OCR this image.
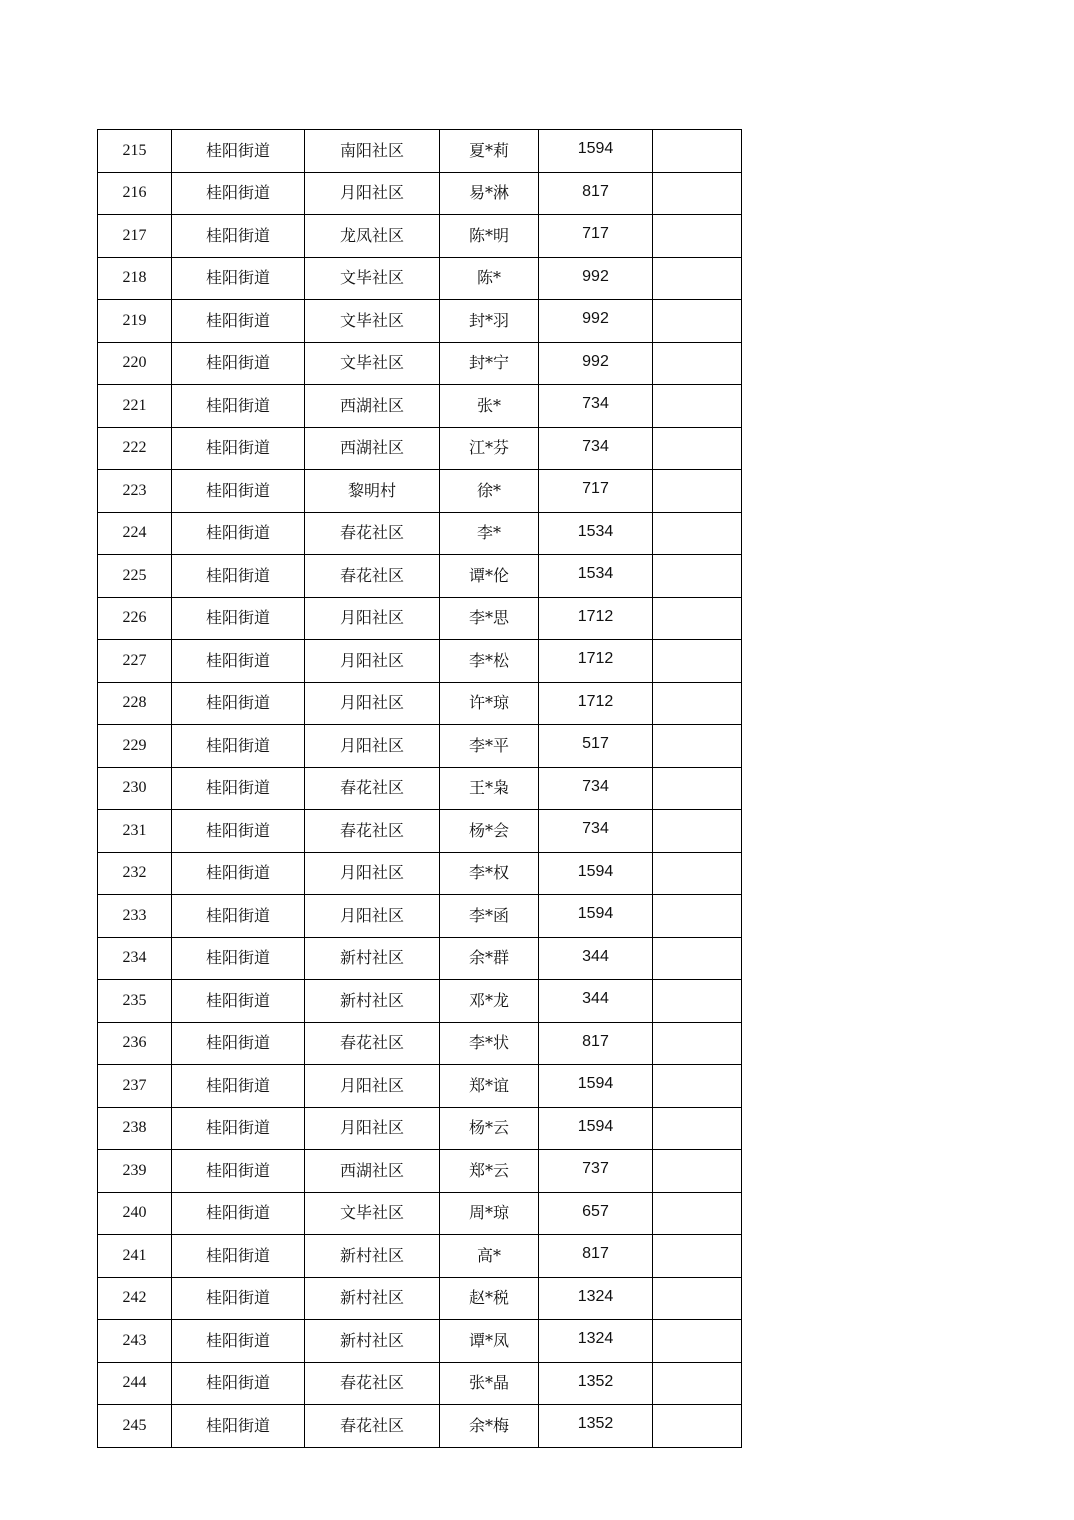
215	桂阳街道	南阳社区	夏*莉	1594	
216	桂阳街道	月阳社区	易*淋	817	
217	桂阳街道	龙凤社区	陈*明	717	
218	桂阳街道	文毕社区	陈*	992	
219	桂阳街道	文毕社区	封*羽	992	
220	桂阳街道	文毕社区	封*宁	992	
221	桂阳街道	西湖社区	张*	734	
222	桂阳街道	西湖社区	江*芬	734	
223	桂阳街道	黎明村	徐*	717	
224	桂阳街道	春花社区	李*	1534	
225	桂阳街道	春花社区	谭*伦	1534	
226	桂阳街道	月阳社区	李*思	1712	
227	桂阳街道	月阳社区	李*松	1712	
228	桂阳街道	月阳社区	许*琼	1712	
229	桂阳街道	月阳社区	李*平	517	
230	桂阳街道	春花社区	王*枭	734	
231	桂阳街道	春花社区	杨*会	734	
232	桂阳街道	月阳社区	李*权	1594	
233	桂阳街道	月阳社区	李*函	1594	
234	桂阳街道	新村社区	余*群	344	
235	桂阳街道	新村社区	邓*龙	344	
236	桂阳街道	春花社区	李*状	817	
237	桂阳街道	月阳社区	郑*谊	1594	
238	桂阳街道	月阳社区	杨*云	1594	
239	桂阳街道	西湖社区	郑*云	737	
240	桂阳街道	文毕社区	周*琼	657	
241	桂阳街道	新村社区	高*	817	
242	桂阳街道	新村社区	赵*税	1324	
243	桂阳街道	新村社区	谭*凤	1324	
244	桂阳街道	春花社区	张*晶	1352	
245	桂阳街道	春花社区	余*梅	1352	
